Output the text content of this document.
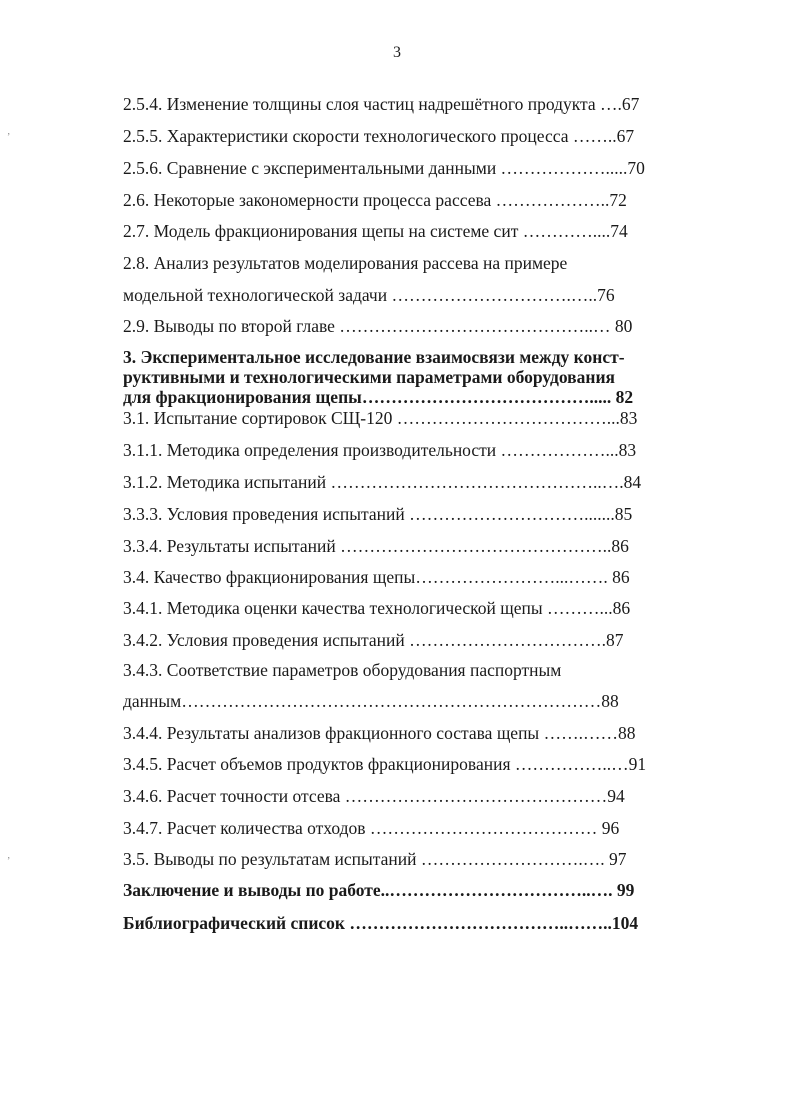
3
2.5.4. Изменение толщины слоя частиц надрешётного продукта ….67
2.5.5. Характеристики скорости технологического процесса ……..67
2.5.6. Сравнение с экспериментальными данными ……………….....70
2.6. Некоторые закономерности процесса рассева ………………..72
2.7. Модель фракционирования щепы на системе сит …………....74
2.8. Анализ результатов моделирования рассева на примере
модельной технологической задачи ………………………….…..76
2.9. Выводы по второй главе ……………………………………..… 80
3. Экспериментальное исследование взаимосвязи между конст-
руктивными и технологическими параметрами оборудования
для фракционирования щепы…………………………………..... 82
3.1. Испытание сортировок СЩ-120 ………………………………...83
3.1.1. Методика определения производительности ………………...83
3.1.2. Методика испытаний ………………………………………..….84
3.3.3. Условия проведения испытаний ………………………….......85
3.3.4. Результаты испытаний ………………………………………..86
3.4. Качество фракционирования щепы……………………...……. 86
3.4.1. Методика оценки качества технологической щепы ………...86
3.4.2. Условия проведения испытаний …………………………….87
3.4.3. Соответствие параметров оборудования паспортным
данным………………………………………………………………88
3.4.4. Результаты анализов фракционного состава щепы …….……88
3.4.5. Расчет объемов продуктов фракционирования ……………..…91
3.4.6. Расчет точности отсева ………………………………………94
3.4.7. Расчет количества отходов ………………………………… 96
3.5. Выводы по результатам испытаний ……………………….…. 97
Заключение и выводы по работе..……………………………..…. 99
Библиографический список ………………………………..……..104
‚
‚
